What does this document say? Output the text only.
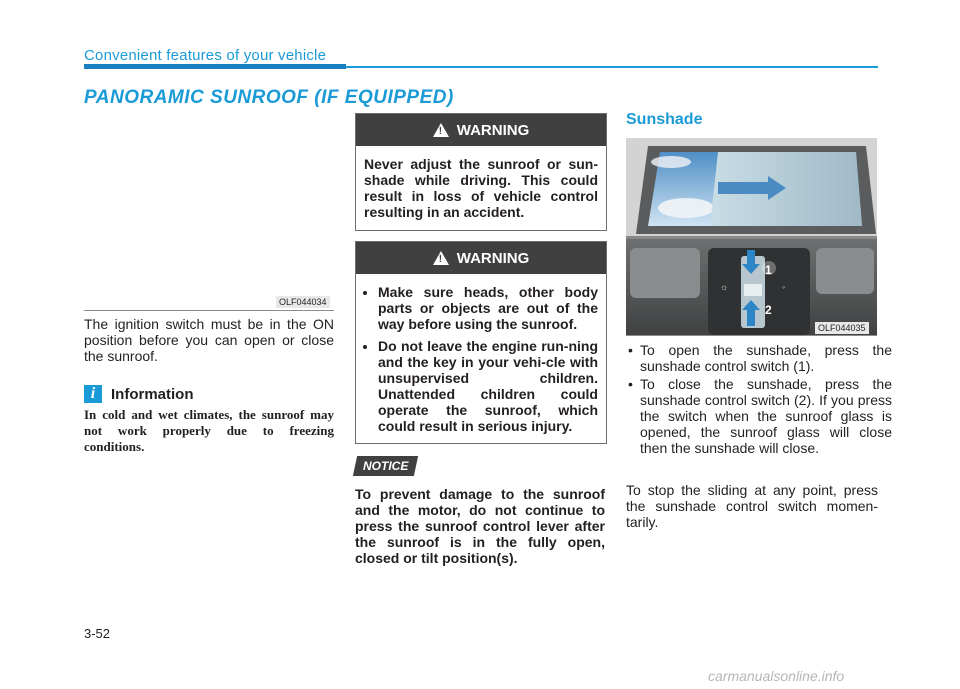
Convenient features of your vehicle
PANORAMIC SUNROOF (IF EQUIPPED)
OLF044034
The ignition switch must be in the ON position before you can open or close the sunroof.
i	Information
In cold and wet climates, the sunroof may not work properly due to freezing conditions.
! WARNING
Never adjust the sunroof or sun-shade while driving. This could result in loss of vehicle control resulting in an accident.
! WARNING
• Make sure heads, other body parts or objects are out of the way before using the sunroof.
• Do not leave the engine run-ning and the key in your vehi-cle with unsupervised children. Unattended children could operate the sunroof, which could result in serious injury.
NOTICE
To prevent damage to the sunroof and the motor, do not continue to press the sunroof control lever after the sunroof is in the fully open, closed or tilt position(s).
Sunshade
☼	◦
1
2
OLF044035
• To open the sunshade, press the sunshade control switch (1).
• To close the sunshade, press the sunshade control switch (2). If you press the switch when the sunroof glass is opened, the sunroof glass will close then the sunshade will close.
To stop the sliding at any point, press the sunshade control switch momen-tarily.
3-52
carmanualsonline.info
